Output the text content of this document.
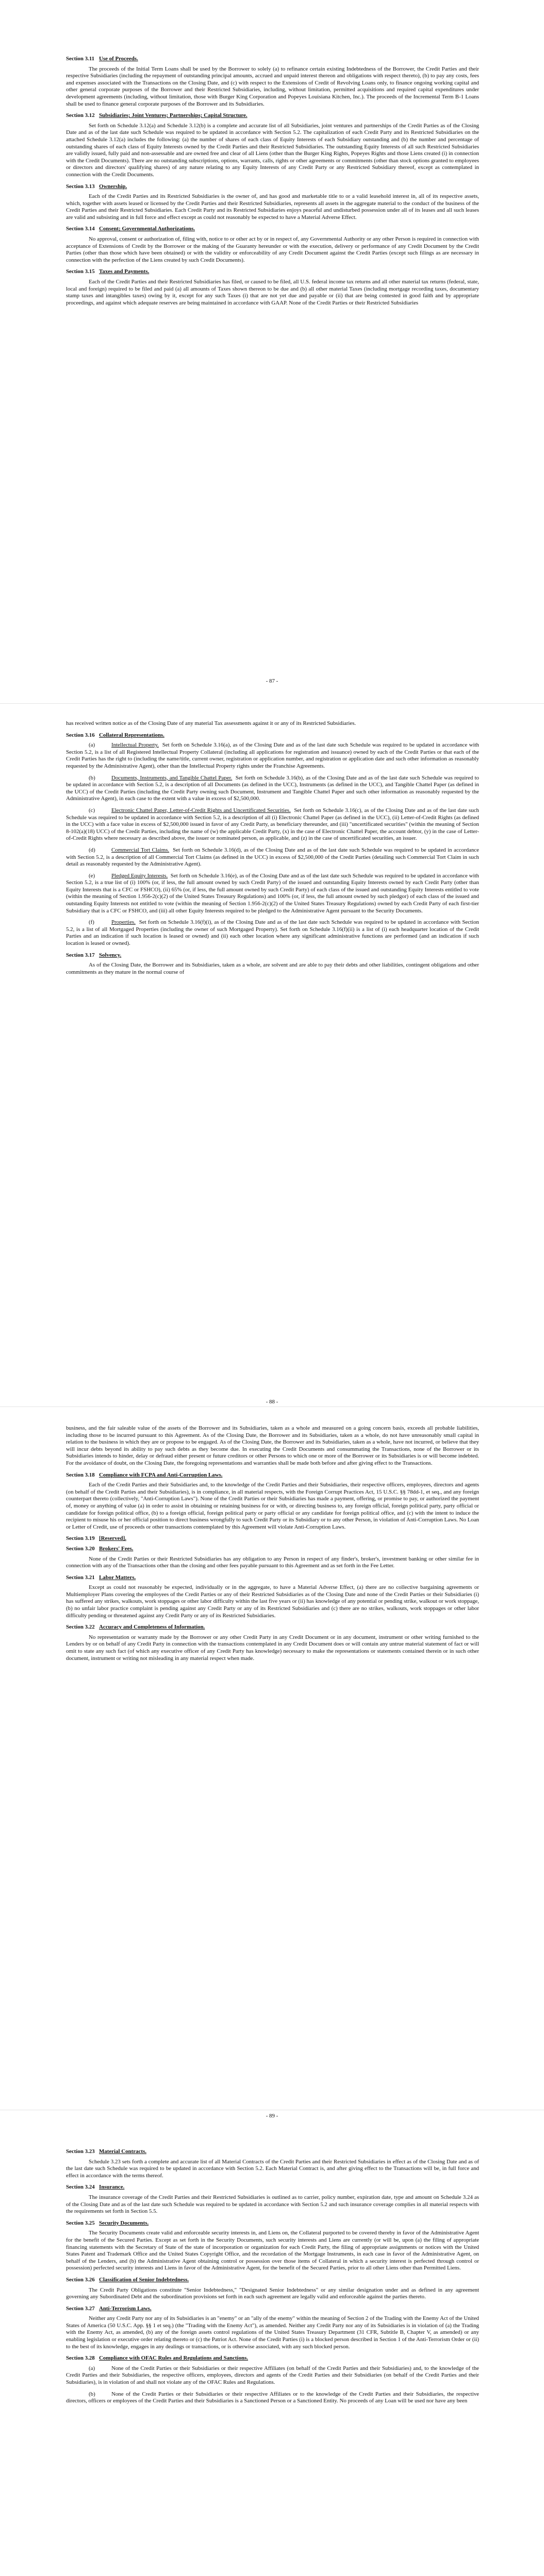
Section 3.11 Use of Proceeds.
The proceeds of the Initial Term Loans shall be used by the Borrower to solely (a) to refinance certain existing Indebtedness of the Borrower, the Credit Parties and their respective Subsidiaries (including the repayment of outstanding principal amounts, accrued and unpaid interest thereon and obligations with respect thereto), (b) to pay any costs, fees and expenses associated with the Transactions on the Closing Date, and (c) with respect to the Extensions of Credit of Revolving Loans only, to finance ongoing working capital and other general corporate purposes of the Borrower and their Restricted Subsidiaries, including, without limitation, permitted acquisitions and required capital expenditures under development agreements (including, without limitation, those with Burger King Corporation and Popeyes Louisiana Kitchen, Inc.). The proceeds of the Incremental Term B-1 Loans shall be used to finance general corporate purposes of the Borrower and its Subsidiaries.
Section 3.12 Subsidiaries; Joint Ventures; Partnerships; Capital Structure.
Set forth on Schedule 3.12(a) and Schedule 3.12(b) is a complete and accurate list of all Subsidiaries, joint ventures and partnerships of the Credit Parties as of the Closing Date and as of the last date such Schedule was required to be updated in accordance with Section 5.2. The capitalization of each Credit Party and its Restricted Subsidiaries on the attached Schedule 3.12(a) includes the following: (a) the number of shares of each class of Equity Interests of each Subsidiary outstanding and (b) the number and percentage of outstanding shares of each class of Equity Interests owned by the Credit Parties and their Restricted Subsidiaries. The outstanding Equity Interests of all such Restricted Subsidiaries are validly issued, fully paid and non-assessable and are owned free and clear of all Liens (other than the Burger King Rights, Popeyes Rights and those Liens created (i) in connection with the Credit Documents). There are no outstanding subscriptions, options, warrants, calls, rights or other agreements or commitments (other than stock options granted to employees or directors and directors' qualifying shares) of any nature relating to any Equity Interests of any Credit Party or any Restricted Subsidiary thereof, except as contemplated in connection with the Credit Documents.
Section 3.13 Ownership.
Each of the Credit Parties and its Restricted Subsidiaries is the owner of, and has good and marketable title to or a valid leasehold interest in, all of its respective assets, which, together with assets leased or licensed by the Credit Parties and their Restricted Subsidiaries, represents all assets in the aggregate material to the conduct of the business of the Credit Parties and their Restricted Subsidiaries. Each Credit Party and its Restricted Subsidiaries enjoys peaceful and undisturbed possession under all of its leases and all such leases are valid and subsisting and in full force and effect except as could not reasonably be expected to have a Material Adverse Effect.
Section 3.14 Consent; Governmental Authorizations.
No approval, consent or authorization of, filing with, notice to or other act by or in respect of, any Governmental Authority or any other Person is required in connection with acceptance of Extensions of Credit by the Borrower or the making of the Guaranty hereunder or with the execution, delivery or performance of any Credit Document by the Credit Parties (other than those which have been obtained) or with the validity or enforceability of any Credit Document against the Credit Parties (except such filings as are necessary in connection with the perfection of the Liens created by such Credit Documents).
Section 3.15 Taxes and Payments.
Each of the Credit Parties and their Restricted Subsidiaries has filed, or caused to be filed, all U.S. federal income tax returns and all other material tax returns (federal, state, local and foreign) required to be filed and paid (a) all amounts of Taxes shown thereon to be due and (b) all other material Taxes (including mortgage recording taxes, documentary stamp taxes and intangibles taxes) owing by it, except for any such Taxes (i) that are not yet due and payable or (ii) that are being contested in good faith and by appropriate proceedings, and against which adequate reserves are being maintained in accordance with GAAP. None of the Credit Parties or their Restricted Subsidiaries
- 87 -
has received written notice as of the Closing Date of any material Tax assessments against it or any of its Restricted Subsidiaries.
Section 3.16 Collateral Representations.
(a)	Intellectual Property. Set forth on Schedule 3.16(a), as of the Closing Date and as of the last date such Schedule was required to be updated in accordance with Section 5.2, is a list of all Registered Intellectual Property Collateral (including all applications for registration and issuance) owned by each of the Credit Parties or that each of the Credit Parties has the right to (including the name/title, current owner, registration or application number, and registration or application date and such other information as reasonably requested by the Administrative Agent), other than the Intellectual Property rights under the Franchise Agreements.
(b)	Documents, Instruments, and Tangible Chattel Paper. Set forth on Schedule 3.16(b), as of the Closing Date and as of the last date such Schedule was required to be updated in accordance with Section 5.2, is a description of all Documents (as defined in the UCC), Instruments (as defined in the UCC), and Tangible Chattel Paper (as defined in the UCC) of the Credit Parties (including the Credit Party owning such Document, Instrument and Tangible Chattel Paper and such other information as reasonably requested by the Administrative Agent), in each case to the extent with a value in excess of $2,500,000.
(c)	Electronic Chattel Paper, Letter-of-Credit Rights and Uncertificated Securities. Set forth on Schedule 3.16(c), as of the Closing Date and as of the last date such Schedule was required to be updated in accordance with Section 5.2, is a description of all (i) Electronic Chattel Paper (as defined in the UCC), (ii) Letter-of-Credit Rights (as defined in the UCC) with a face value in excess of $2,500,000 issued in favor of any Credit Party, as beneficiary thereunder, and (iii) "uncertificated securities" (within the meaning of Section 8-102(a)(18) UCC) of the Credit Parties, including the name of (w) the applicable Credit Party, (x) in the case of Electronic Chattel Paper, the account debtor, (y) in the case of Letter-of-Credit Rights where necessary as described above, the issuer or nominated person, as applicable, and (z) in the case of uncertificated securities, an issuer.
(d)	Commercial Tort Claims. Set forth on Schedule 3.16(d), as of the Closing Date and as of the last date such Schedule was required to be updated in accordance with Section 5.2, is a description of all Commercial Tort Claims (as defined in the UCC) in excess of $2,500,000 of the Credit Parties (detailing such Commercial Tort Claim in such detail as reasonably requested by the Administrative Agent).
(e)	Pledged Equity Interests. Set forth on Schedule 3.16(e), as of the Closing Date and as of the last date such Schedule was required to be updated in accordance with Section 5.2, is a true list of (i) 100% (or, if less, the full amount owned by such Credit Party) of the issued and outstanding Equity Interests owned by each Credit Party (other than Equity Interests that is a CFC or FSHCO), (ii) 65% (or, if less, the full amount owned by such Credit Party) of each class of the issued and outstanding Equity Interests entitled to vote (within the meaning of Section 1.956-2(c)(2) of the United States Treasury Regulations) and 100% (or, if less, the full amount owned by such pledgor) of each class of the issued and outstanding Equity Interests not entitled to vote (within the meaning of Section 1.956-2(c)(2) of the United States Treasury Regulations) owned by each Credit Party of each first-tier Subsidiary that is a CFC or FSHCO, and (iii) all other Equity Interests required to be pledged to the Administrative Agent pursuant to the Security Documents.
(f)	Properties. Set forth on Schedule 3.16(f)(i), as of the Closing Date and as of the last date such Schedule was required to be updated in accordance with Section 5.2, is a list of all Mortgaged Properties (including the owner of such Mortgaged Property). Set forth on Schedule 3.16(f)(ii) is a list of (i) each headquarter location of the Credit Parties and an indication if such location is leased or owned) and (ii) each other location where any significant administrative functions are performed (and an indication if such location is leased or owned).
Section 3.17 Solvency.
As of the Closing Date, the Borrower and its Subsidiaries, taken as a whole, are solvent and are able to pay their debts and other liabilities, contingent obligations and other commitments as they mature in the normal course of
- 88 -
business, and the fair saleable value of the assets of the Borrower and its Subsidiaries, taken as a whole and measured on a going concern basis, exceeds all probable liabilities, including those to be incurred pursuant to this Agreement. As of the Closing Date, the Borrower and its Subsidiaries, taken as a whole, do not have unreasonably small capital in relation to the business in which they are or propose to be engaged. As of the Closing Date, the Borrower and its Subsidiaries, taken as a whole, have not incurred, or believe that they will incur debts beyond its ability to pay such debts as they become due. In executing the Credit Documents and consummating the Transactions, none of the Borrower or its Subsidiaries intends to hinder, delay or defraud either present or future creditors or other Persons to which one or more of the Borrower or its Subsidiaries is or will become indebted. For the avoidance of doubt, on the Closing Date, the foregoing representations and warranties shall be made both before and after giving effect to the Transactions.
Section 3.18 Compliance with FCPA and Anti-Corruption Laws.
Each of the Credit Parties and their Subsidiaries and, to the knowledge of the Credit Parties and their Subsidiaries, their respective officers, employees, directors and agents (on behalf of the Credit Parties and their Subsidiaries), is in compliance, in all material respects, with the Foreign Corrupt Practices Act, 15 U.S.C. §§ 78dd-1, et seq., and any foreign counterpart thereto (collectively, "Anti-Corruption Laws"). None of the Credit Parties or their Subsidiaries has made a payment, offering, or promise to pay, or authorized the payment of, money or anything of value (a) in order to assist in obtaining or retaining business for or with, or directing business to, any foreign official, foreign political party, party official or candidate for foreign political office, (b) to a foreign official, foreign political party or party official or any candidate for foreign political office, and (c) with the intent to induce the recipient to misuse his or her official position to direct business wrongfully to such Credit Party or its Subsidiary or to any other Person, in violation of Anti-Corruption Laws. No Loan or Letter of Credit, use of proceeds or other transactions contemplated by this Agreement will violate Anti-Corruption Laws.
Section 3.19 [Reserved].
Section 3.20 Brokers' Fees.
None of the Credit Parties or their Restricted Subsidiaries has any obligation to any Person in respect of any finder's, broker's, investment banking or other similar fee in connection with any of the Transactions other than the closing and other fees payable pursuant to this Agreement and as set forth in the Fee Letter.
Section 3.21 Labor Matters.
Except as could not reasonably be expected, individually or in the aggregate, to have a Material Adverse Effect, (a) there are no collective bargaining agreements or Multiemployer Plans covering the employees of the Credit Parties or any of their Restricted Subsidiaries as of the Closing Date and none of the Credit Parties or their Subsidiaries (i) has suffered any strikes, walkouts, work stoppages or other labor difficulty within the last five years or (ii) has knowledge of any potential or pending strike, walkout or work stoppage, (b) no unfair labor practice complaint is pending against any Credit Party or any of its Restricted Subsidiaries and (c) there are no strikes, walkouts, work stoppages or other labor difficulty pending or threatened against any Credit Party or any of its Restricted Subsidiaries.
Section 3.22 Accuracy and Completeness of Information.
No representation or warranty made by the Borrower or any other Credit Party in any Credit Document or in any document, instrument or other writing furnished to the Lenders by or on behalf of any Credit Party in connection with the transactions contemplated in any Credit Document does or will contain any untrue material statement of fact or will omit to state any such fact (of which any executive officer of any Credit Party has knowledge) necessary to make the representations or statements contained therein or in such other document, instrument or writing not misleading in any material respect when made.
- 89 -
Section 3.23 Material Contracts.
Schedule 3.23 sets forth a complete and accurate list of all Material Contracts of the Credit Parties and their Restricted Subsidiaries in effect as of the Closing Date and as of the last date such Schedule was required to be updated in accordance with Section 5.2. Each Material Contract is, and after giving effect to the Transactions will be, in full force and effect in accordance with the terms thereof.
Section 3.24 Insurance.
The insurance coverage of the Credit Parties and their Restricted Subsidiaries is outlined as to carrier, policy number, expiration date, type and amount on Schedule 3.24 as of the Closing Date and as of the last date such Schedule was required to be updated in accordance with Section 5.2 and such insurance coverage complies in all material respects with the requirements set forth in Section 5.5.
Section 3.25 Security Documents.
The Security Documents create valid and enforceable security interests in, and Liens on, the Collateral purported to be covered thereby in favor of the Administrative Agent for the benefit of the Secured Parties. Except as set forth in the Security Documents, such security interests and Liens are currently (or will be, upon (a) the filing of appropriate financing statements with the Secretary of State of the state of incorporation or organization for each Credit Party, the filing of appropriate assignments or notices with the United States Patent and Trademark Office and the United States Copyright Office, and the recordation of the Mortgage Instruments, in each case in favor of the Administrative Agent, on behalf of the Lenders, and (b) the Administrative Agent obtaining control or possession over those items of Collateral in which a security interest is perfected through control or possession) perfected security interests and Liens in favor of the Administrative Agent, for the benefit of the Secured Parties, prior to all other Liens other than Permitted Liens.
Section 3.26 Classification of Senior Indebtedness.
The Credit Party Obligations constitute "Senior Indebtedness," "Designated Senior Indebtedness" or any similar designation under and as defined in any agreement governing any Subordinated Debt and the subordination provisions set forth in each such agreement are legally valid and enforceable against the parties thereto.
Section 3.27 Anti-Terrorism Laws.
Neither any Credit Party nor any of its Subsidiaries is an "enemy" or an "ally of the enemy" within the meaning of Section 2 of the Trading with the Enemy Act of the United States of America (50 U.S.C. App. §§ 1 et seq.) (the "Trading with the Enemy Act"), as amended. Neither any Credit Party nor any of its Subsidiaries is in violation of (a) the Trading with the Enemy Act, as amended, (b) any of the foreign assets control regulations of the United States Treasury Department (31 CFR, Subtitle B, Chapter V, as amended) or any enabling legislation or executive order relating thereto or (c) the Patriot Act. None of the Credit Parties (i) is a blocked person described in Section 1 of the Anti-Terrorism Order or (ii) to the best of its knowledge, engages in any dealings or transactions, or is otherwise associated, with any such blocked person.
Section 3.28 Compliance with OFAC Rules and Regulations and Sanctions.
(a)	None of the Credit Parties or their Subsidiaries or their respective Affiliates (on behalf of the Credit Parties and their Subsidiaries) and, to the knowledge of the Credit Parties and their Subsidiaries, the respective officers, employees, directors and agents of the Credit Parties and their Subsidiaries (on behalf of the Credit Parties and their Subsidiaries), is in violation of and shall not violate any of the OFAC Rules and Regulations.
(b)	None of the Credit Parties or their Subsidiaries or their respective Affiliates or to the knowledge of the Credit Parties and their Subsidiaries, the respective directors, officers or employees of the Credit Parties and their Subsidiaries is a Sanctioned Person or a Sanctioned Entity. No proceeds of any Loan will be used nor have any been
